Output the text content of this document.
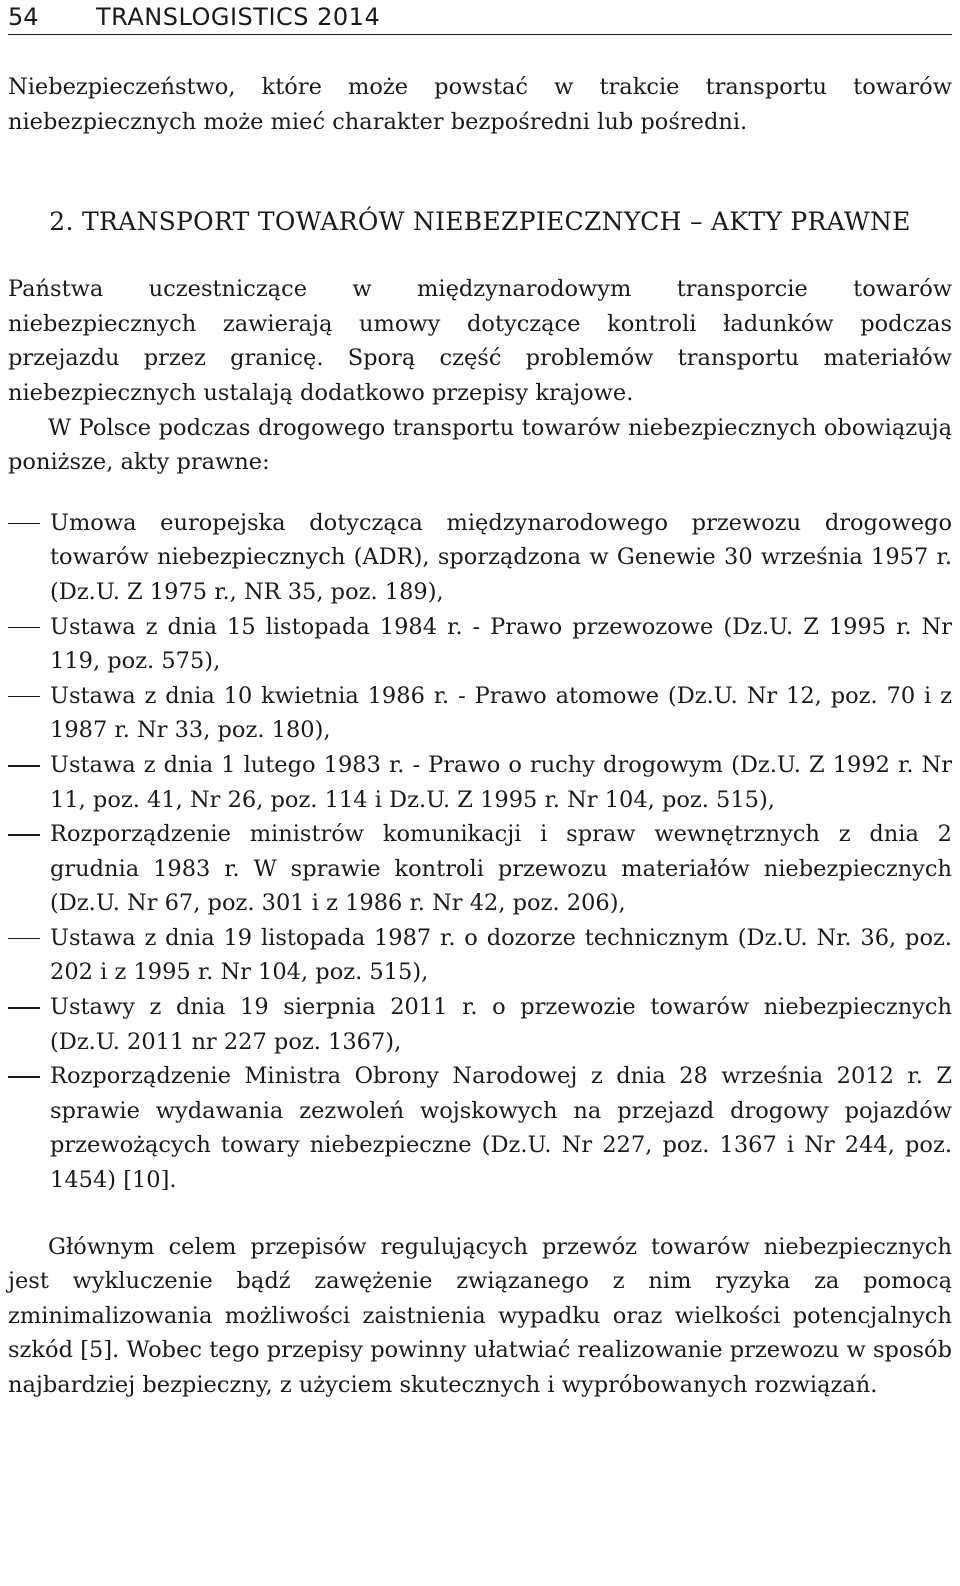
54	TRANSLOGISTICS 2014

Niebezpieczeństwo, które może powstać w trakcie transportu towarów niebezpiecznych może mieć charakter bezpośredni lub pośredni.

2. TRANSPORT TOWARÓW NIEBEZPIECZNYCH – AKTY PRAWNE

Państwa uczestniczące w międzynarodowym transporcie towarów niebezpiecznych zawierają umowy dotyczące kontroli ładunków podczas przejazdu przez granicę. Sporą część problemów transportu materiałów niebezpiecznych ustalają dodatkowo przepisy krajowe.

W Polsce podczas drogowego transportu towarów niebezpiecznych obowiązują poniższe, akty prawne:

Umowa europejska dotycząca międzynarodowego przewozu drogowego towarów niebezpiecznych (ADR), sporządzona w Genewie 30 września 1957 r. (Dz.U. Z 1975 r., NR 35, poz. 189),
Ustawa z dnia 15 listopada 1984 r. - Prawo przewozowe (Dz.U. Z 1995 r. Nr 119, poz. 575),
Ustawa z dnia 10 kwietnia 1986 r. - Prawo atomowe (Dz.U. Nr 12, poz. 70 i z 1987 r. Nr 33, poz. 180),
Ustawa z dnia 1 lutego 1983 r. - Prawo o ruchy drogowym (Dz.U. Z 1992 r. Nr 11, poz. 41, Nr 26, poz. 114 i Dz.U. Z 1995 r. Nr 104, poz. 515),
Rozporządzenie ministrów komunikacji i spraw wewnętrznych z dnia 2 grudnia 1983 r. W sprawie kontroli przewozu materiałów niebezpiecznych (Dz.U. Nr 67, poz. 301 i z 1986 r. Nr 42, poz. 206),
Ustawa z dnia 19 listopada 1987 r. o dozorze technicznym (Dz.U. Nr. 36, poz. 202 i z 1995 r. Nr 104, poz. 515),
Ustawy z dnia 19 sierpnia 2011 r. o przewozie towarów niebezpiecznych (Dz.U. 2011 nr 227 poz. 1367),
Rozporządzenie Ministra Obrony Narodowej z dnia 28 września 2012 r. Z sprawie wydawania zezwoleń wojskowych na przejazd drogowy pojazdów przewożących towary niebezpieczne (Dz.U. Nr 227, poz. 1367 i Nr 244, poz. 1454) [10].

Głównym celem przepisów regulujących przewóz towarów niebezpiecznych jest wykluczenie bądź zawężenie związanego z nim ryzyka za pomocą zminimalizowania możliwości zaistnienia wypadku oraz wielkości potencjalnych szkód [5]. Wobec tego przepisy powinny ułatwiać realizowanie przewozu w sposób najbardziej bezpieczny, z użyciem skutecznych i wypróbowanych rozwiązań.
